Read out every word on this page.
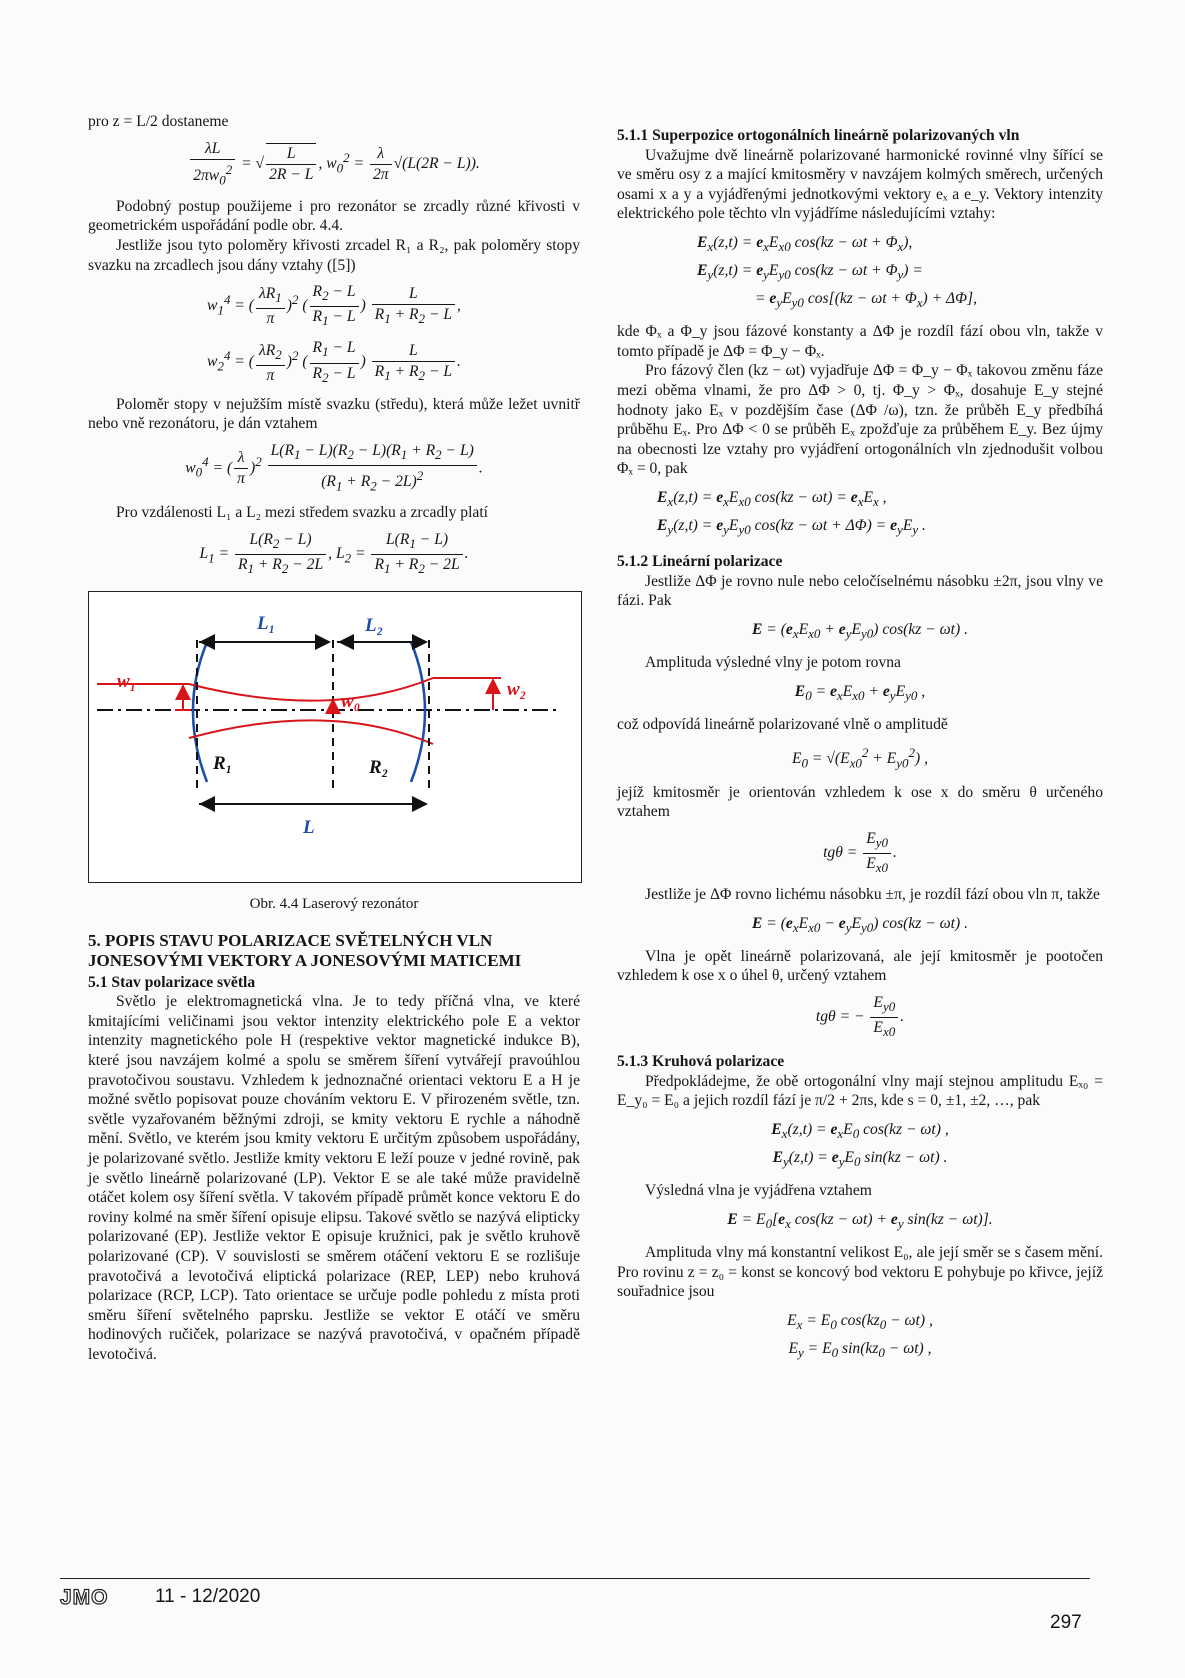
pro z = L/2 dostaneme

$\frac{\lambda L}{2\pi w_0^2}$ = √ $\frac{L}{2R - L}$ , $w_0^2 = \frac{\lambda}{2\pi} √(L(2R - L))$.

Podobný postup použijeme i pro rezonátor se zrcadly různé křivosti v geometrickém uspořádání podle obr. 4.4.

Jestliže jsou tyto poloměry křivosti zrcadel R₁ a R₂, pak poloměry stopy svazku na zrcadlech jsou dány vztahy ([5])

$w_1^4$ = ( $\frac{\lambda R_1}{\pi} )^2$ ( $\frac{R_2 - L}{R_1 - L}$ ) $\frac{L}{R_1 + R_2 - L}$ ,
$w_2^4$ = ( $\frac{\lambda R_2}{\pi} )^2$ ( $\frac{R_1 - L}{R_2 - L}$ ) $\frac{L}{R_1 + R_2 - L}$ .

Poloměr stopy v nejužším místě svazku (středu), která může ležet uvnitř nebo vně rezonátoru, je dán vztahem

$w_0^4$ = ( $\frac{\lambda}{\pi} )^2 \frac{L(R_1 - L)(R_2 - L)(R_1 + R_2 - L)}{(R_1 + R_2 - 2L)^2}$ .

Pro vzdálenosti L₁ a L₂ mezi středem svazku a zrcadly platí

$L_1 = \frac{L(R_2 - L)}{R_1 + R_2 - 2L}$ , $L_2 = \frac{L(R_1 - L)}{R_1 + R_2 - 2L}$ .
L₁	L₂
w₁
w₀
w₂
R₁	R₂
L
Obr. 4.4 Laserový rezonátor
5. POPIS STAVU POLARIZACE SVĚTELNÝCH VLN JONESOVÝMI VEKTORY A JONESOVÝMI MATICEMI
5.1 Stav polarizace světla

Světlo je elektromagnetická vlna. Je to tedy příčná vlna, ve které kmitajícími veličinami jsou vektor intenzity elektrického pole E a vektor intenzity magnetického pole H (respektive vektor magnetické indukce B), které jsou navzájem kolmé a spolu se směrem šíření vytvářejí pravoúhlou pravotočivou soustavu. Vzhledem k jednoznačné orientaci vektoru E a H je možné světlo popisovat pouze chováním vektoru E. V přirozeném světle, tzn. světle vyzařovaném běžnými zdroji, se kmity vektoru E rychle a náhodně mění. Světlo, ve kterém jsou kmity vektoru E určitým způsobem uspořádány, je polarizované světlo. Jestliže kmity vektoru E leží pouze v jedné rovině, pak je světlo lineárně polarizované (LP). Vektor E se ale také může pravidelně otáčet kolem osy šíření světla. V takovém případě průmět konce vektoru E do roviny kolmé na směr šíření opisuje elipsu. Takové světlo se nazývá elipticky polarizované (EP). Jestliže vektor E opisuje kružnici, pak je světlo kruhově polarizované (CP). V souvislosti se směrem otáčení vektoru E se rozlišuje pravotočivá a levotočivá eliptická polarizace (REP, LEP) nebo kruhová polarizace (RCP, LCP). Tato orientace se určuje podle pohledu z místa proti směru šíření světelného paprsku. Jestliže se vektor E otáčí ve směru hodinových ručiček, polarizace se nazývá pravotočivá, v opačném případě levotočivá.

5.1.1 Superpozice ortogonálních lineárně polarizovaných vln

Uvažujme dvě lineárně polarizované harmonické rovinné vlny šířící se ve směru osy z a mající kmitosměry v navzájem kolmých směrech, určených osami x a y a vyjádřenými jednotkovými vektory eₓ a e_y. Vektory intenzity elektrického pole těchto vln vyjádříme následujícími vztahy:

$E_x(z,t) = e_xE_{x0}$ $\cos(kz - \omega t + \Phi_x)$,
$E_y(z,t) = e_yE_{y0}$ $\cos(kz - \omega t + \Phi_y)$ =
= $e_yE_{y0}$ $\cos[(kz - \omega t + \Phi_x) + \Delta\Phi]$,

kde Φₓ a Φ_y jsou fázové konstanty a ΔΦ je rozdíl fází obou vln, takže v tomto případě je ΔΦ = Φ_y − Φₓ.

Pro fázový člen (kz − ωt) vyjadřuje ΔΦ = Φ_y − Φₓ takovou změnu fáze mezi oběma vlnami, že pro ΔΦ > 0, tj. Φ_y > Φₓ, dosahuje E_y stejné hodnoty jako Eₓ v pozdějším čase (ΔΦ /ω), tzn. že průběh E_y předbíhá průběhu Eₓ. Pro ΔΦ < 0 se průběh Eₓ zpožďuje za průběhem E_y. Bez újmy na obecnosti lze vztahy pro vyjádření ortogonálních vln zjednodušit volbou Φₓ = 0, pak

$E_x(z,t) = e_xE_{x0}$ $\cos(kz - \omega t) = e_xE_x$ ,
$E_y(z,t) = e_yE_{y0}$ $\cos(kz - \omega t + \Delta\Phi) = e_yE_y$ .
5.1.2 Lineární polarizace

Jestliže ΔΦ je rovno nule nebo celočíselnému násobku ±2π, jsou vlny ve fázi. Pak

$E = (e_xE_{x0} + e_yE_{y0}) \cos(kz - \omega t)$ .

Amplituda výsledné vlny je potom rovna

$E_0 = e_xE_{x0} + e_yE_{y0}$ ,

což odpovídá lineárně polarizované vlně o amplitudě

$E_0 = √(E_{x0}^2 + E_{y0}^2)$ ,

jejíž kmitosměr je orientován vzhledem k ose x do směru θ určeného vztahem

$tg\theta = \frac{E_{y0}}{E_{x0}}$ .

Jestliže je ΔΦ rovno lichému násobku ±π, je rozdíl fází obou vln π, takže

$E = (e_xE_{x0} - e_yE_{y0}) \cos(kz - \omega t)$ .

Vlna je opět lineárně polarizovaná, ale její kmitosměr je pootočen vzhledem k ose x o úhel θ, určený vztahem

tgθ = − $\frac{E_{y0}}{E_{x0}}$ .
5.1.3 Kruhová polarizace

Předpokládejme, že obě ortogonální vlny mají stejnou amplitudu Eₓ₀ = E_y₀ = E₀ a jejich rozdíl fází je π/2 + 2πs, kde s = 0, ±1, ±2, …, pak

$E_x(z,t) = e_xE_0$ cos(kz − ωt) ,
$E_y(z,t) = e_yE_0$ sin(kz − ωt) .

Výsledná vlna je vyjádřena vztahem

$E = E_0[e_x$ $\cos(kz - \omega t) + e_y$ sin(kz − ωt)].

Amplituda vlny má konstantní velikost E₀, ale její směr se s časem mění. Pro rovinu z = z₀ = konst se koncový bod vektoru E pohybuje po křivce, jejíž souřadnice jsou

$E_x = E_0$ $\cos(kz_0 - \omega t)$ ,
$E_y = E_0$ $\sin(kz_0 - \omega t)$ ,
JMO 11 - 12/2020
297
